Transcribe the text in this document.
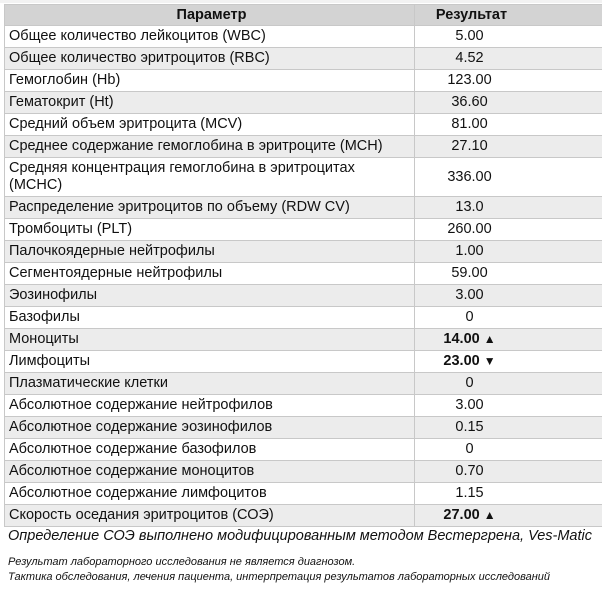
Параметр	Результат
Общее количество лейкоцитов (WBC)	5.00
Общее количество эритроцитов (RBC)	4.52
Гемоглобин (Hb)	123.00
Гематокрит (Ht)	36.60
Средний объем эритроцита (MCV)	81.00
Среднее содержание гемоглобина в эритроците (MCH)	27.10
Средняя концентрация гемоглобина в эритроцитах (MCHC)	336.00
Распределение эритроцитов по объему (RDW CV)	13.0
Тромбоциты (PLT)	260.00
Палочкоядерные нейтрофилы	1.00
Сегментоядерные нейтрофилы	59.00
Эозинофилы	3.00
Базофилы	0
Моноциты	14.00 ▲
Лимфоциты	23.00 ▼
Плазматические клетки	0
Абсолютное содержание нейтрофилов	3.00
Абсолютное содержание эозинофилов	0.15
Абсолютное содержание базофилов	0
Абсолютное содержание моноцитов	0.70
Абсолютное содержание лимфоцитов	1.15
Скорость оседания эритроцитов (СОЭ)	27.00 ▲
Определение СОЭ выполнено модифицированным методом Вестергрена, Ves-Matic
Результат лабораторного исследования не является диагнозом.
Тактика обследования, лечения пациента, интерпретация результатов лабораторных исследований
